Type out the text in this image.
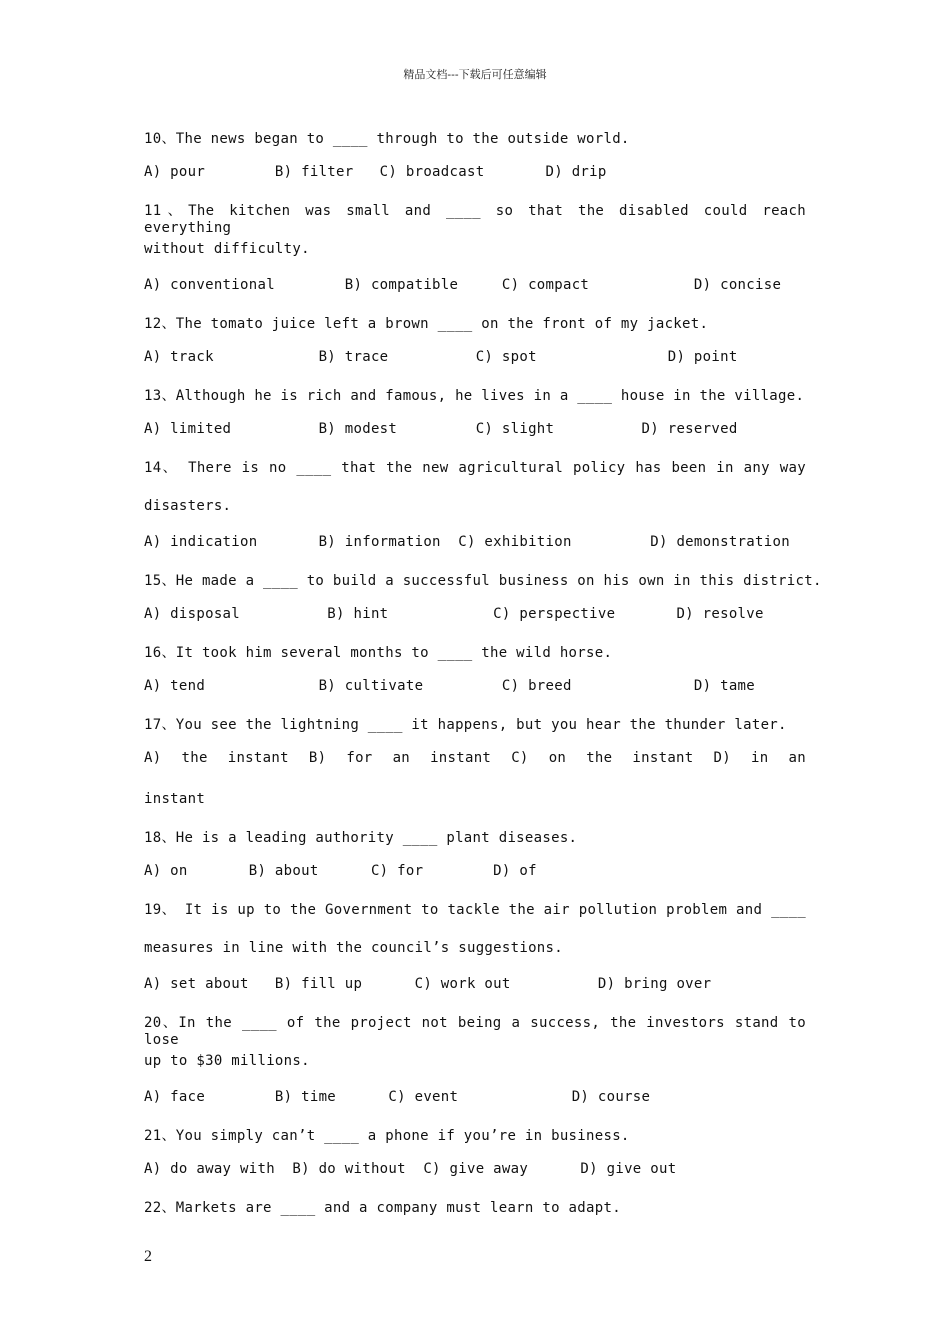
精品文档---下载后可任意编辑
10、The news began to ____ through to the outside world.
A) pour        B) filter   C) broadcast       D) drip
11、The kitchen was small and ____ so that the disabled could reach everything
without difficulty.
A) conventional        B) compatible     C) compact            D) concise
12、The tomato juice left a brown ____ on the front of my jacket.
A) track            B) trace          C) spot               D) point
13、Although he is rich and famous, he lives in a ____ house in the village.
A) limited          B) modest         C) slight          D) reserved
14、 There is no ____ that the new agricultural policy has been in any way
disasters.
A) indication       B) information  C) exhibition         D) demonstration
15、He made a ____ to build a successful business on his own in this district.
A) disposal          B) hint            C) perspective       D) resolve
16、It took him several months to ____ the wild horse.
A) tend             B) cultivate         C) breed              D) tame
17、You see the lightning ____ it happens, but you hear the thunder later.
A) the instant B) for an instant C) on the instant D) in an
instant
18、He is a leading authority ____ plant diseases.
A) on       B) about      C) for        D) of
19、 It is up to the Government to tackle the air pollution problem and ____
measures in line with the council’s suggestions.
A) set about   B) fill up      C) work out          D) bring over
20、In the ____ of the project not being a success, the investors stand to lose
up to $30 millions.
A) face        B) time      C) event             D) course
21、You simply can’t ____ a phone if you’re in business.
A) do away with  B) do without  C) give away      D) give out
22、Markets are ____ and a company must learn to adapt.
2
